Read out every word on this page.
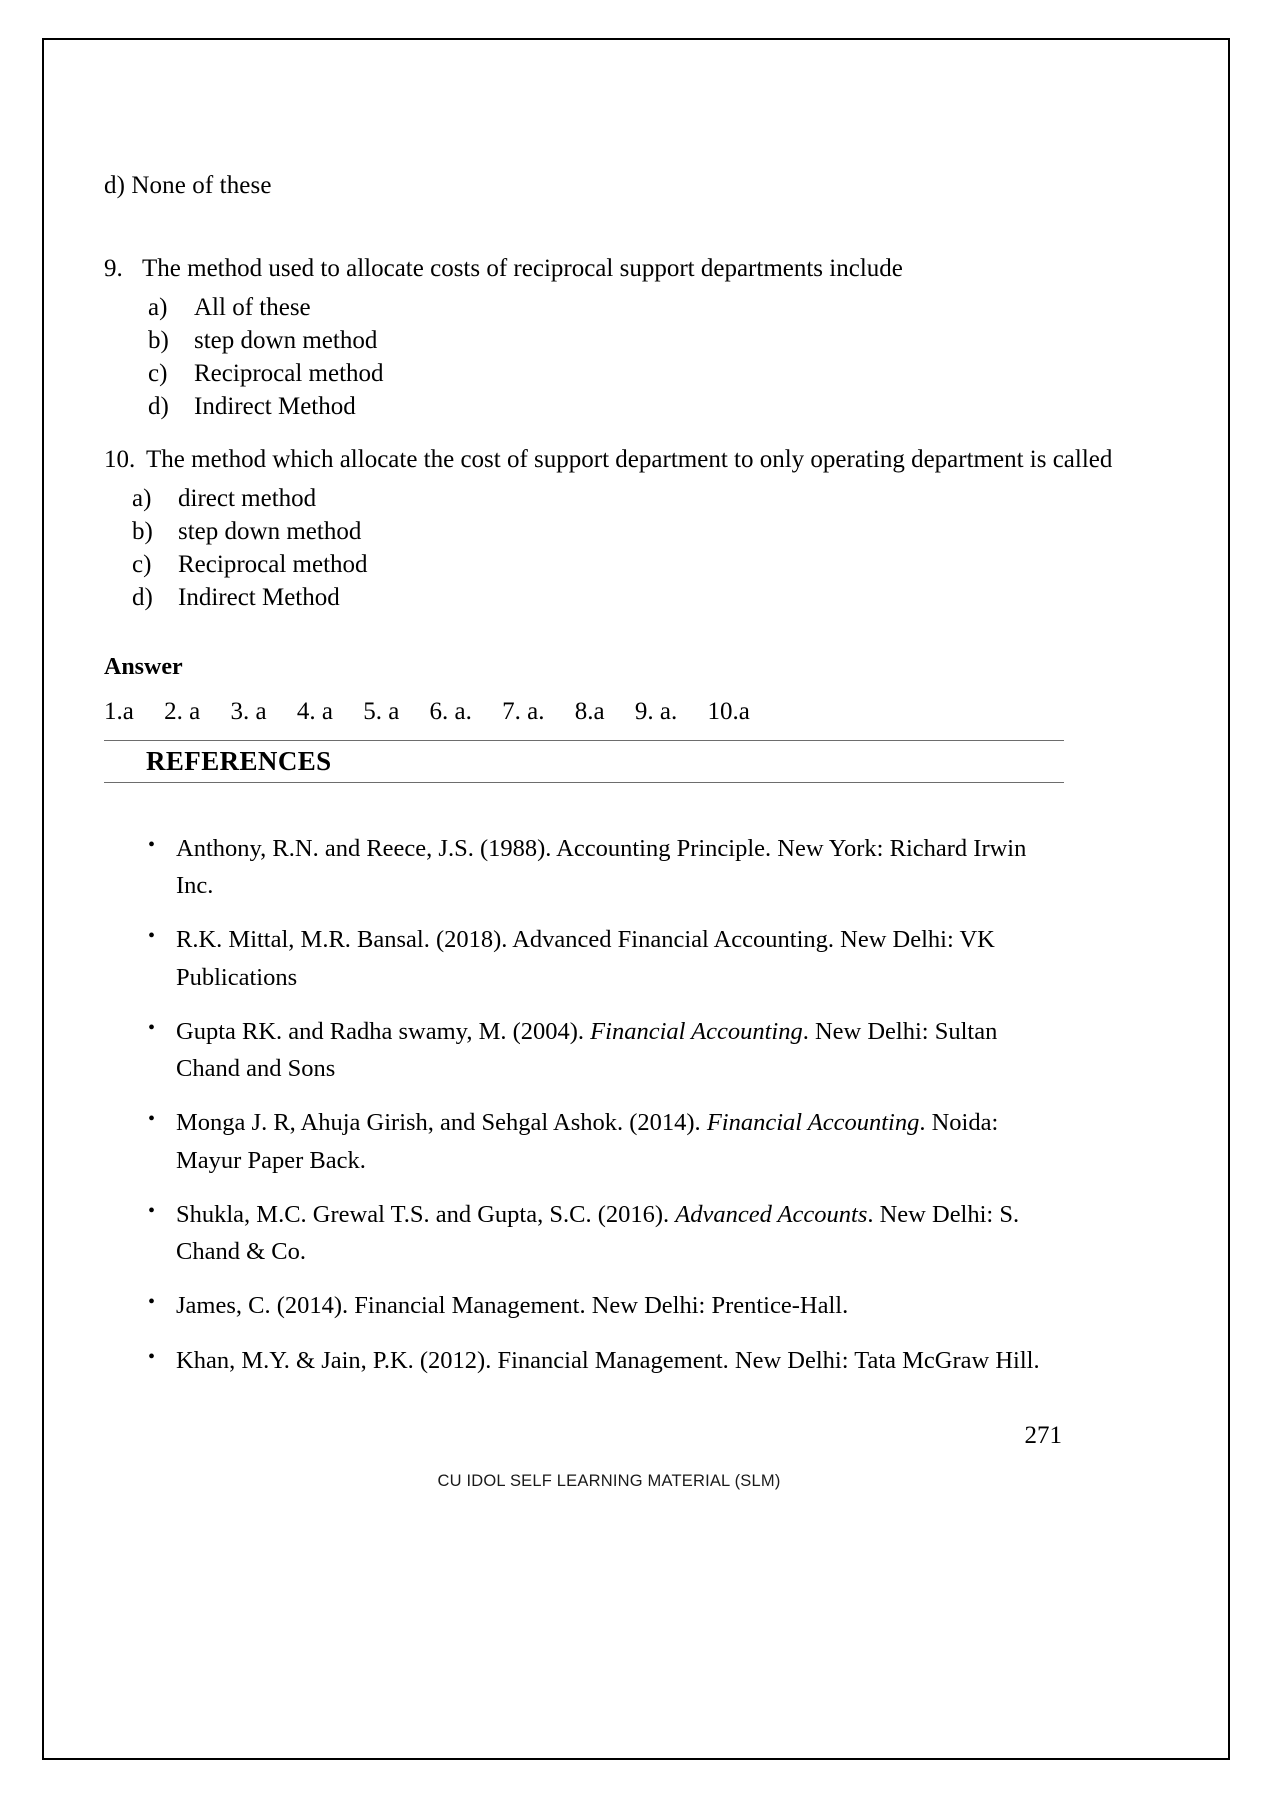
d) None of these
9. The method used to allocate costs of reciprocal support departments include
a)	All of these
b)	step down method
c)	Reciprocal method
d)	Indirect Method
10. The method which allocate the cost of support department to only operating department is called
a)	direct method
b)	step down method
c)	Reciprocal method
d)	Indirect Method
Answer
1.a 2. a 3. a 4. a 5. a 6. a. 7. a. 8.a 9. a. 10.a
REFERENCES
• Anthony, R.N. and Reece, J.S. (1988). Accounting Principle. New York: Richard Irwin Inc.
• R.K. Mittal, M.R. Bansal. (2018). Advanced Financial Accounting. New Delhi: VK Publications
• Gupta RK. and Radha swamy, M. (2004). Financial Accounting. New Delhi: Sultan Chand and Sons
• Monga J. R, Ahuja Girish, and Sehgal Ashok. (2014). Financial Accounting. Noida: Mayur Paper Back.
• Shukla, M.C. Grewal T.S. and Gupta, S.C. (2016). Advanced Accounts. New Delhi: S. Chand & Co.
• James, C. (2014). Financial Management. New Delhi: Prentice-Hall.
• Khan, M.Y. & Jain, P.K. (2012). Financial Management. New Delhi: Tata McGraw Hill.
271
CU IDOL SELF LEARNING MATERIAL (SLM)
